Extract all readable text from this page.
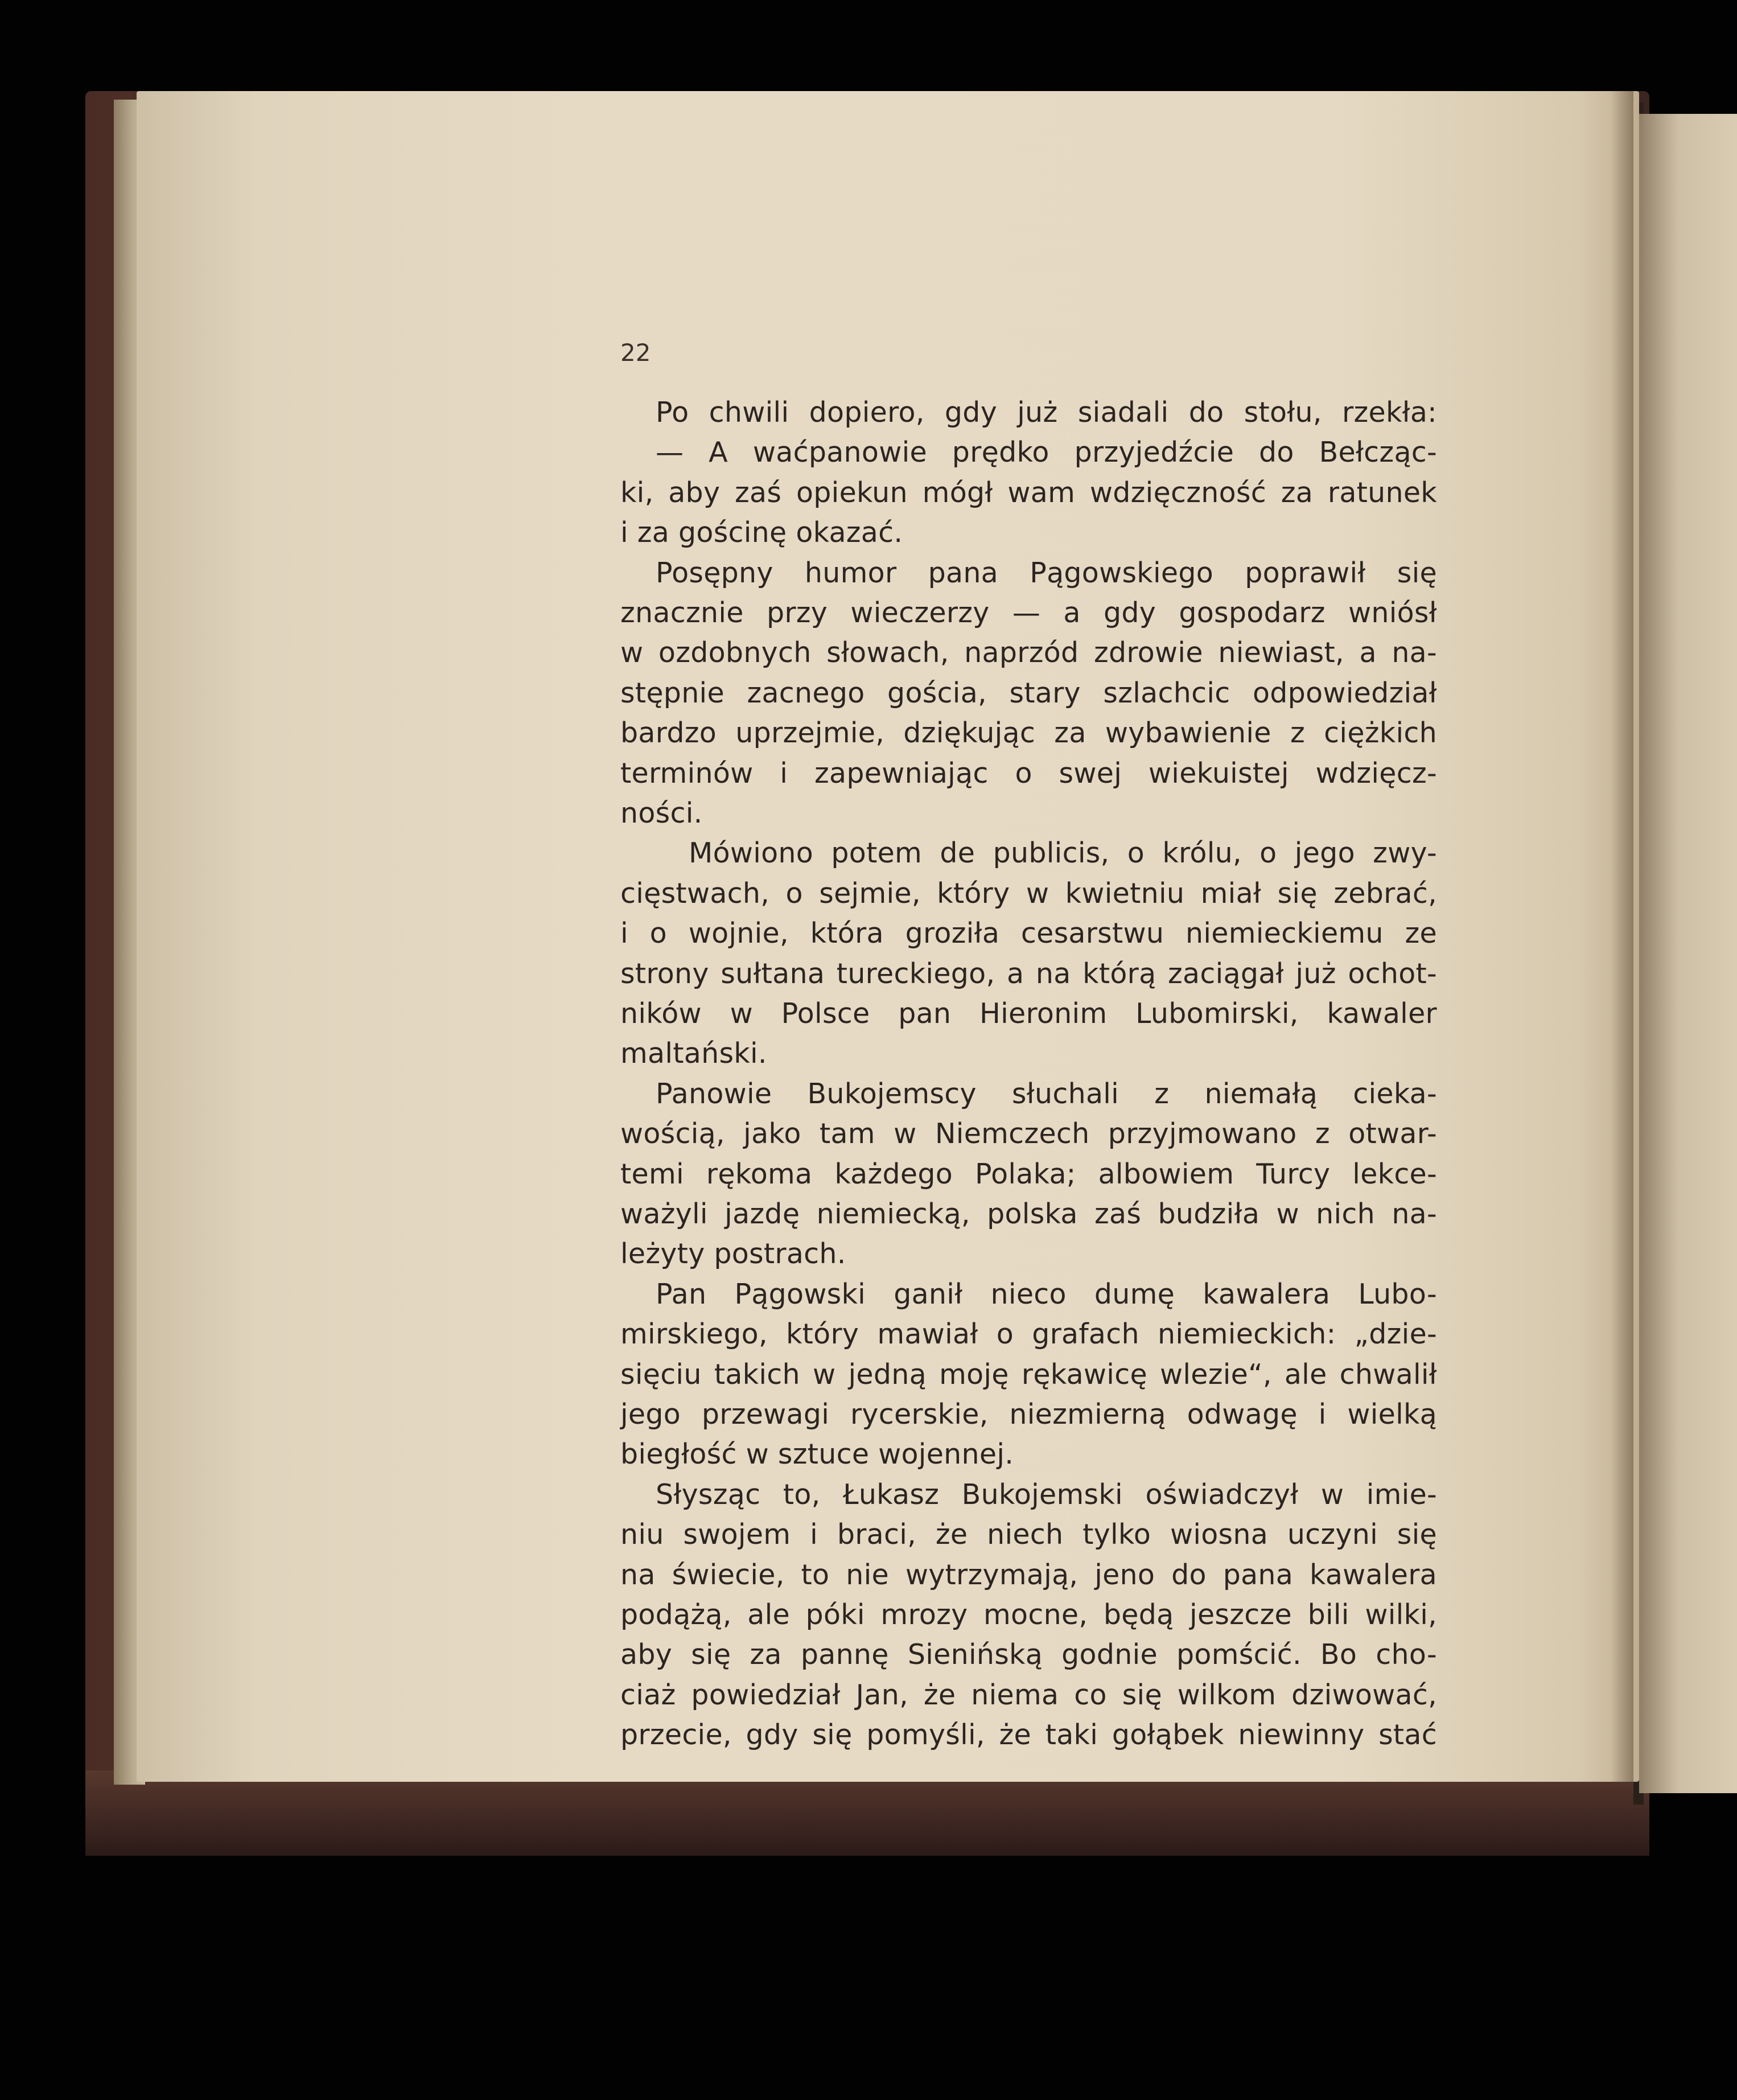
22
Po chwili dopiero, gdy już siadali do stołu, rzekła:
— A waćpanowie prędko przyjedźcie do Bełcząc-
ki, aby zaś opiekun mógł wam wdzięczność za ratunek
i za gościnę okazać.
Posępny humor pana Pągowskiego poprawił się
znacznie przy wieczerzy — a gdy gospodarz wniósł
w ozdobnych słowach, naprzód zdrowie niewiast, a na-
stępnie zacnego gościa, stary szlachcic odpowiedział
bardzo uprzejmie, dziękując za wybawienie z ciężkich
terminów i zapewniając o swej wiekuistej wdzięcz-
ności.
Mówiono potem de publicis, o królu, o jego zwy-
cięstwach, o sejmie, który w kwietniu miał się zebrać,
i o wojnie, która groziła cesarstwu niemieckiemu ze
strony sułtana tureckiego, a na którą zaciągał już ochot-
ników w Polsce pan Hieronim Lubomirski, kawaler
maltański.
Panowie Bukojemscy słuchali z niemałą cieka-
wością, jako tam w Niemczech przyjmowano z otwar-
temi rękoma każdego Polaka; albowiem Turcy lekce-
ważyli jazdę niemiecką, polska zaś budziła w nich na-
leżyty postrach.
Pan Pągowski ganił nieco dumę kawalera Lubo-
mirskiego, który mawiał o grafach niemieckich: „dzie-
sięciu takich w jedną moję rękawicę wlezie“, ale chwalił
jego przewagi rycerskie, niezmierną odwagę i wielką
biegłość w sztuce wojennej.
Słysząc to, Łukasz Bukojemski oświadczył w imie-
niu swojem i braci, że niech tylko wiosna uczyni się
na świecie, to nie wytrzymają, jeno do pana kawalera
podążą, ale póki mrozy mocne, będą jeszcze bili wilki,
aby się za pannę Sienińską godnie pomścić. Bo cho-
ciaż powiedział Jan, że niema co się wilkom dziwować,
przecie, gdy się pomyśli, że taki gołąbek niewinny stać
